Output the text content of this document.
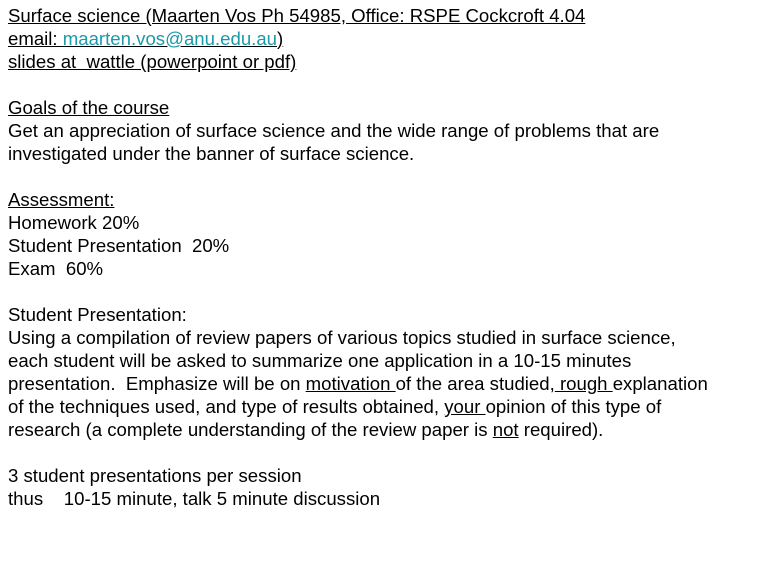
Surface science (Maarten Vos Ph 54985, Office: RSPE Cockcroft 4.04
email: maarten.vos@anu.edu.au)
slides at  wattle (powerpoint or pdf)
Goals of the course
Get an appreciation of surface science and the wide range of problems that are
investigated under the banner of surface science.
Assessment:
Homework 20%
Student Presentation  20%
Exam  60%
Student Presentation:
Using a compilation of review papers of various topics studied in surface science,
each student will be asked to summarize one application in a 10-15 minutes
presentation.  Emphasize will be on motivation of the area studied, rough explanation
of the techniques used, and type of results obtained, your opinion of this type of
research (a complete understanding of the review paper is not required).
3 student presentations per session
thus    10-15 minute, talk 5 minute discussion
